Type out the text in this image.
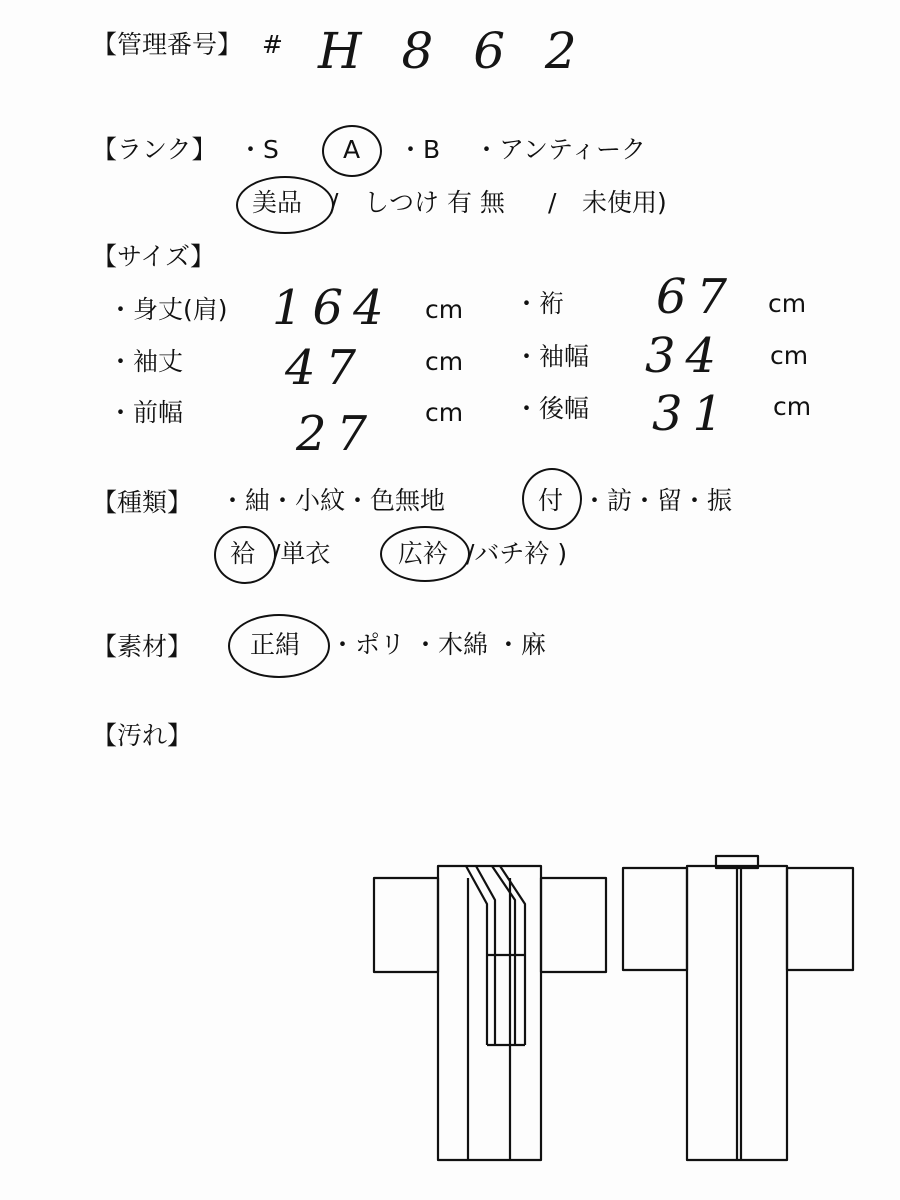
【管理番号】 # H 8 6 2
【ランク】 ・S	A ・B ・アンティーク
美品 / しつけ 有 無 / 未使用)
【サイズ】
・身丈(肩) 164 cm ・裄 67 cm
・袖丈 47 cm ・袖幅 34 cm
・前幅 27 cm ・後幅 31 cm
【種類】 ・紬・小紋・色無地	付 ・訪・留・振
袷 /単衣	広衿 /バチ衿 )
【素材】 正絹 ・ポリ ・木綿 ・麻
【汚れ】
